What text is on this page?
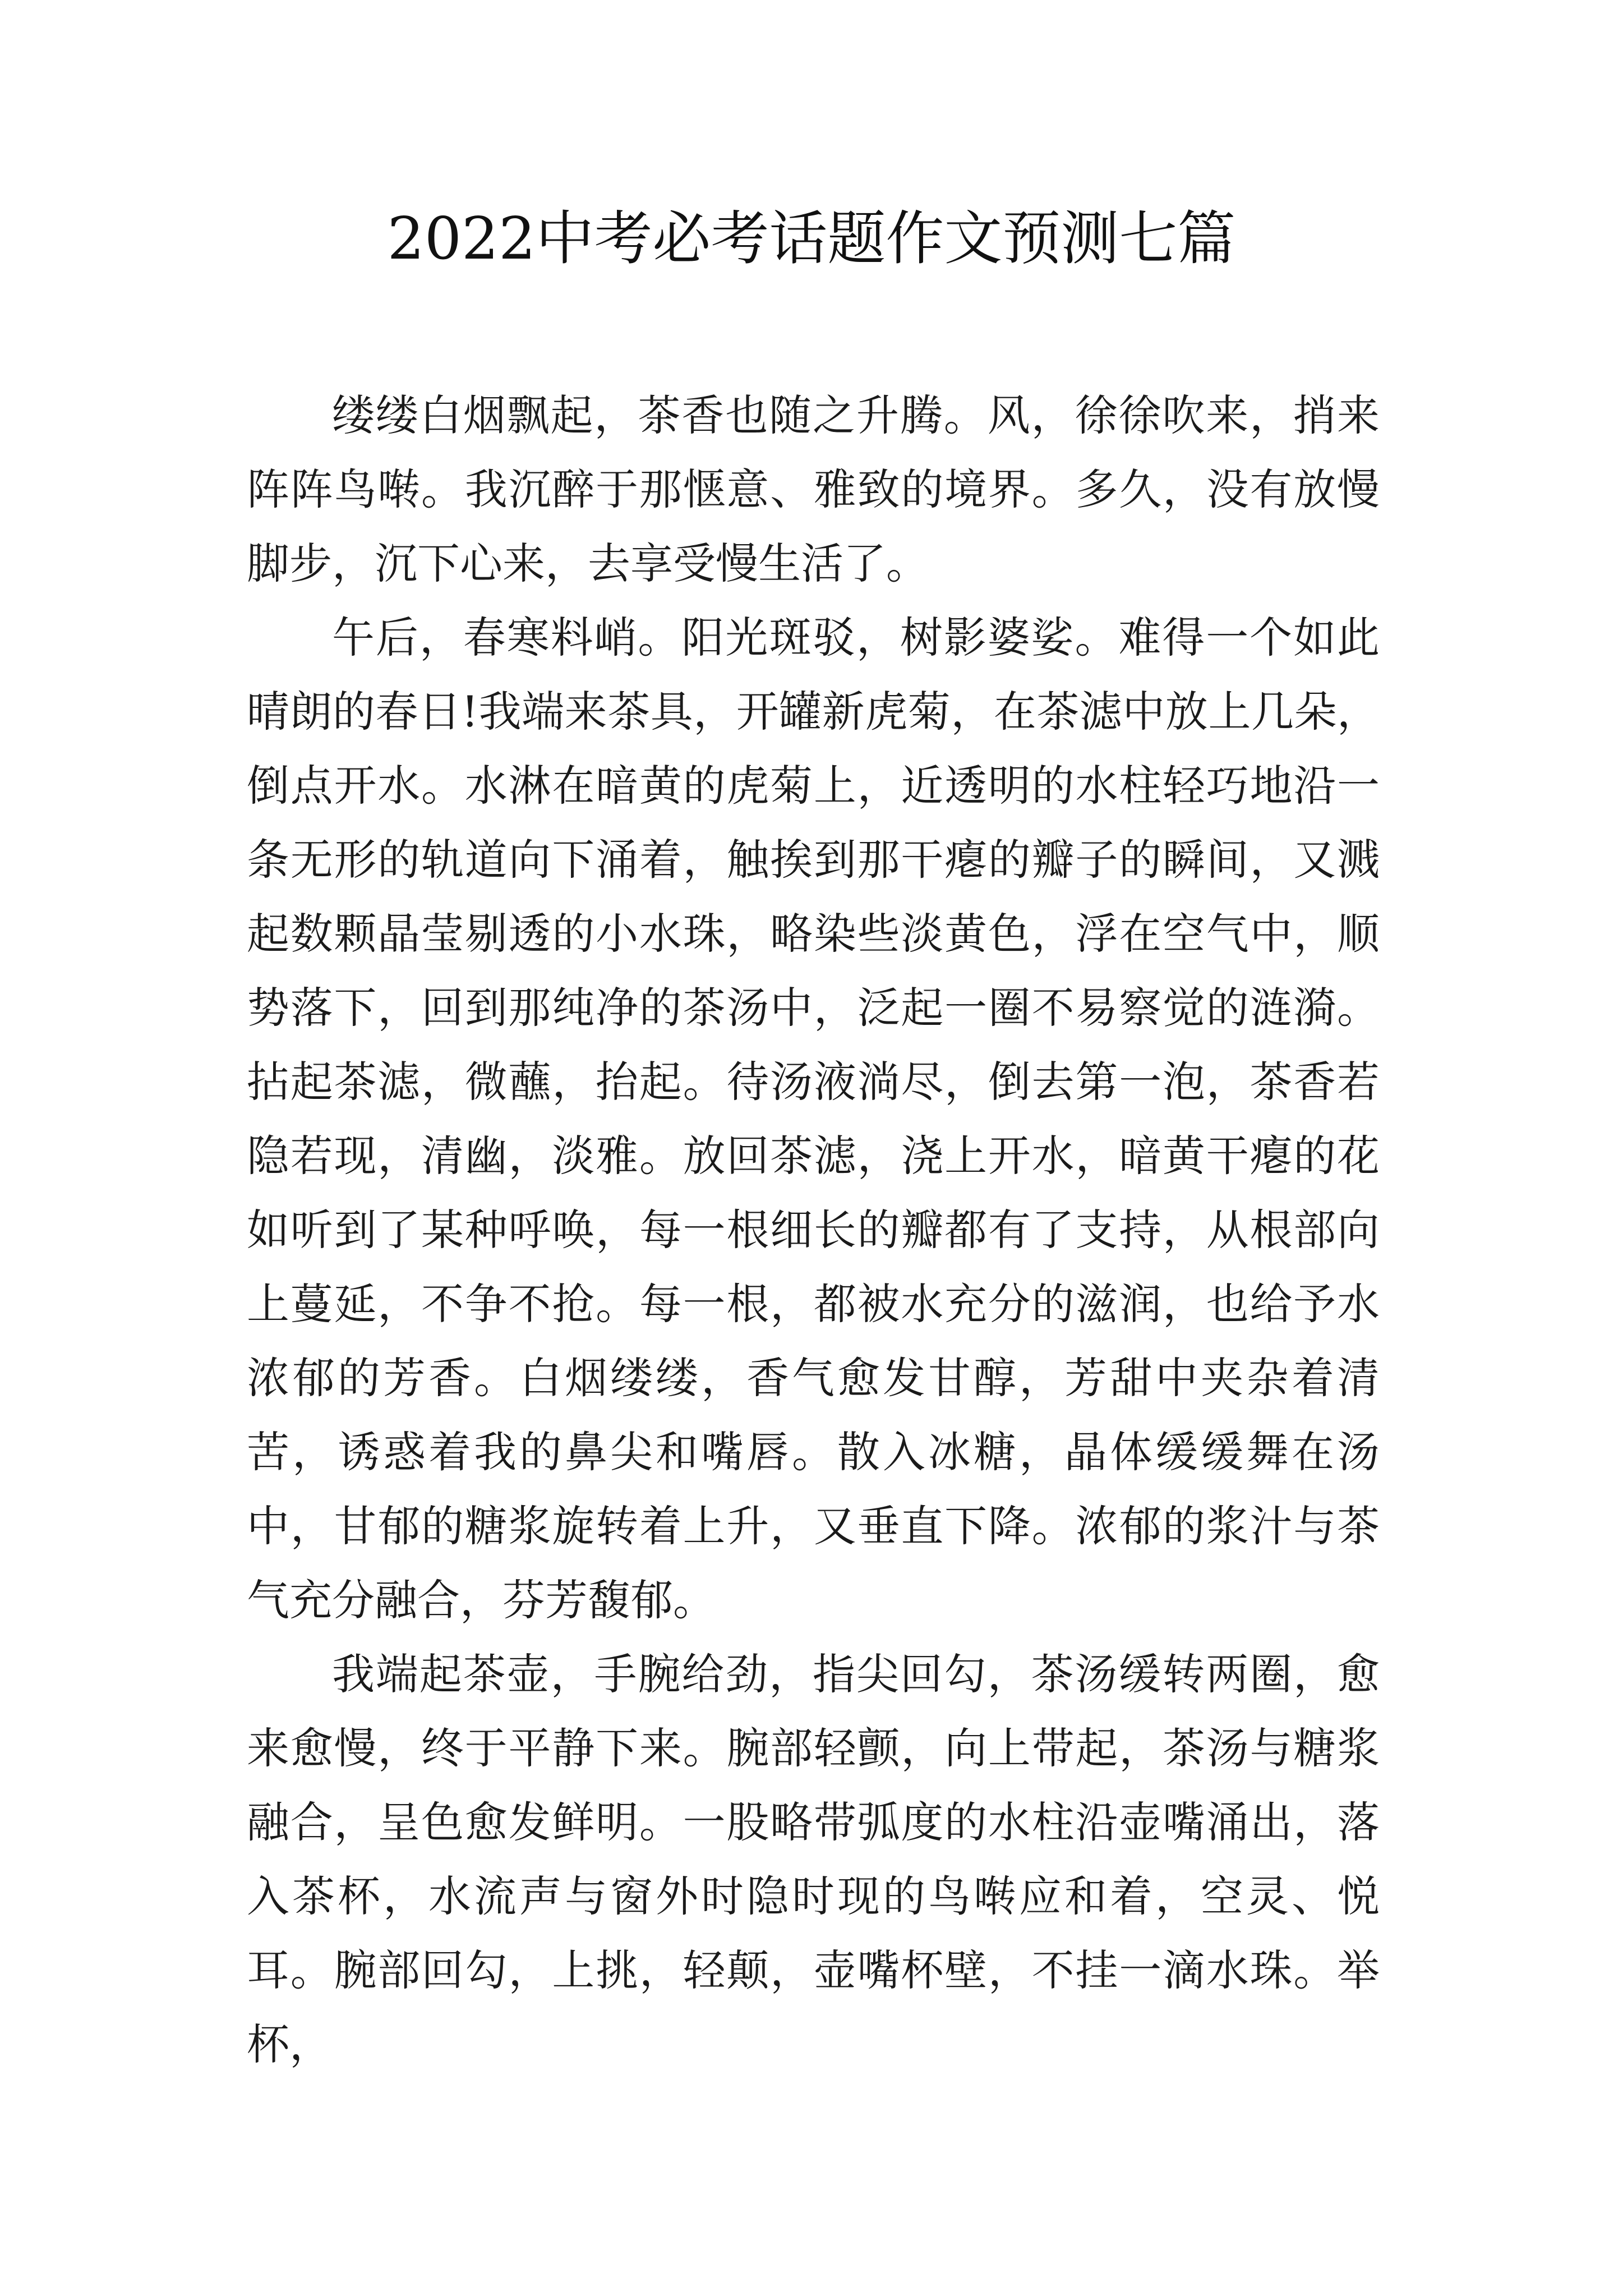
2022中考必考话题作文预测七篇

缕缕白烟飘起，茶香也随之升腾。风，徐徐吹来，捎来阵阵鸟啭。我沉醉于那惬意、雅致的境界。多久，没有放慢脚步，沉下心来，去享受慢生活了。

午后，春寒料峭。阳光斑驳，树影婆娑。难得一个如此晴朗的春日!我端来茶具，开罐新虎菊，在茶滤中放上几朵，倒点开水。水淋在暗黄的虎菊上，近透明的水柱轻巧地沿一条无形的轨道向下涌着，触挨到那干瘪的瓣子的瞬间，又溅起数颗晶莹剔透的小水珠，略染些淡黄色，浮在空气中，顺势落下，回到那纯净的茶汤中，泛起一圈不易察觉的涟漪。拈起茶滤，微蘸，抬起。待汤液淌尽，倒去第一泡，茶香若隐若现，清幽，淡雅。放回茶滤，浇上开水，暗黄干瘪的花如听到了某种呼唤，每一根细长的瓣都有了支持，从根部向上蔓延，不争不抢。每一根，都被水充分的滋润，也给予水浓郁的芳香。白烟缕缕，香气愈发甘醇，芳甜中夹杂着清苦，诱惑着我的鼻尖和嘴唇。散入冰糖，晶体缓缓舞在汤中，甘郁的糖浆旋转着上升，又垂直下降。浓郁的浆汁与茶气充分融合，芬芳馥郁。

我端起茶壶，手腕给劲，指尖回勾，茶汤缓转两圈，愈来愈慢，终于平静下来。腕部轻颤，向上带起，茶汤与糖浆融合，呈色愈发鲜明。一股略带弧度的水柱沿壶嘴涌出，落入茶杯，水流声与窗外时隐时现的鸟啭应和着，空灵、悦耳。腕部回勾，上挑，轻颠，壶嘴杯壁，不挂一滴水珠。举杯，
